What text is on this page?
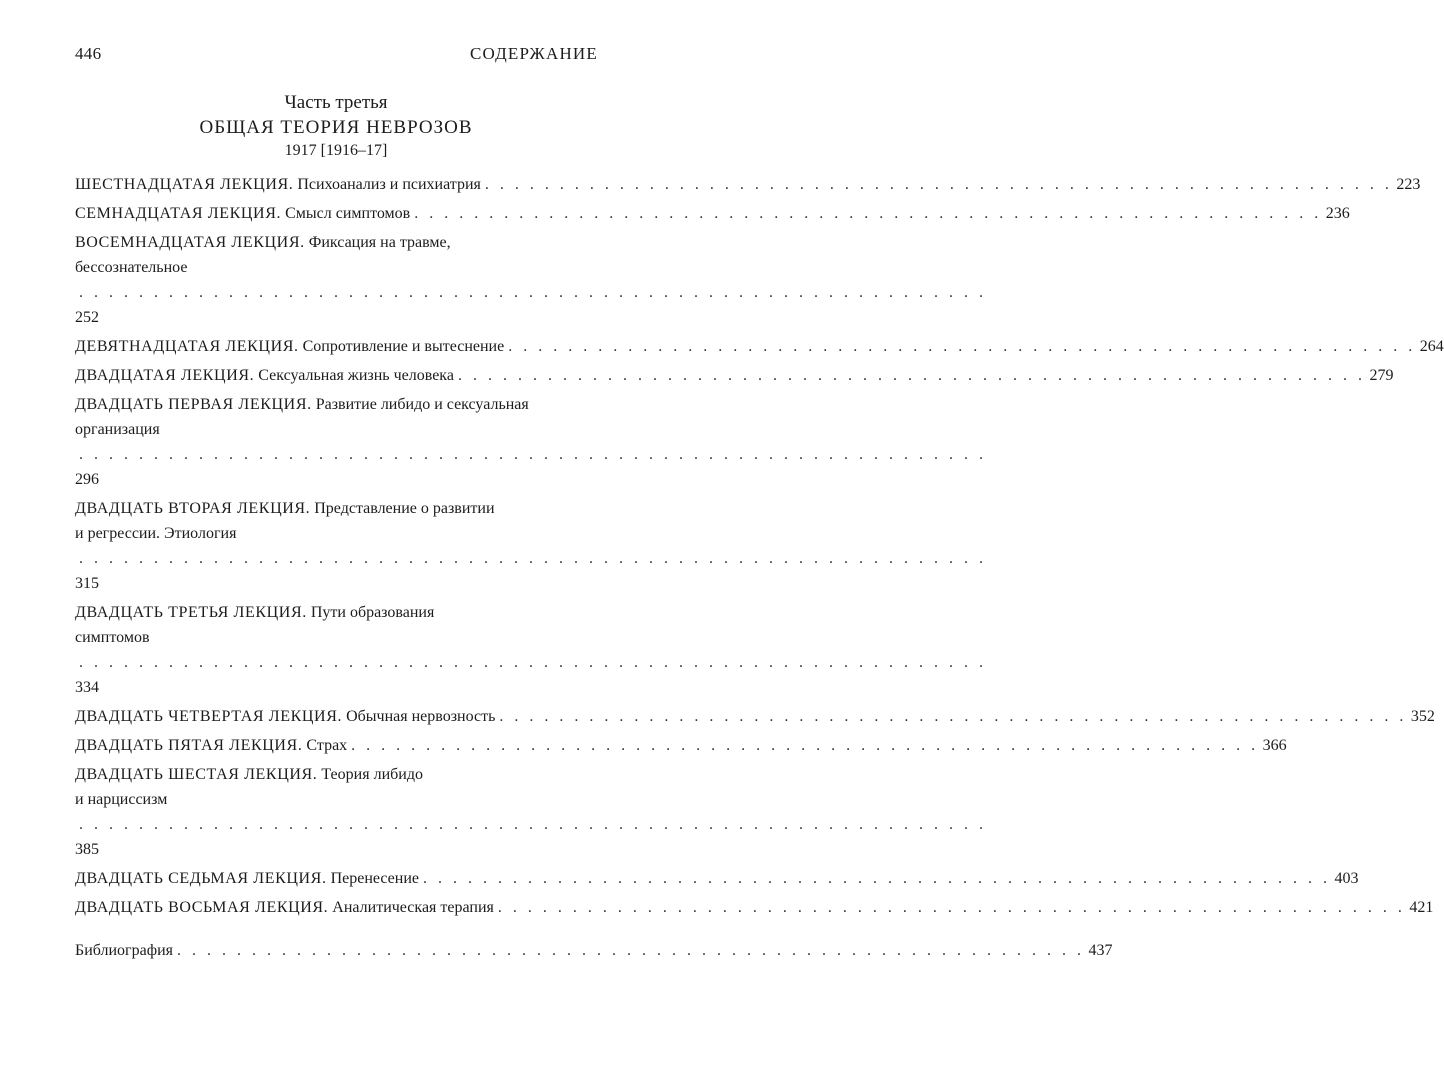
446	СОДЕРЖАНИЕ
Часть третья
ОБЩАЯ ТЕОРИЯ НЕВРОЗОВ
1917 [1916–17]
ШЕСТНАДЦАТАЯ ЛЕКЦИЯ. Психоанализ и психиатрия . . . . . . . . . . . . . . . . . . . . . . . . . . . . . . . . . . . . . . . . . . . . . . . . . . . . . . . . . . . . . 223
СЕМНАДЦАТАЯ ЛЕКЦИЯ. Смысл симптомов . . . . . . . . . . . . . . . . . . . . . . . . . . . . . . . . . . . . . . . . . . . . . . . . . . . . . . . . . . . . . 236
ВОСЕМНАДЦАТАЯ ЛЕКЦИЯ. Фиксация на травме,
бессознательное
. . . . . . . . . . . . . . . . . . . . . . . . . . . . . . . . . . . . . . . . . . . . . . . . . . . . . . . . . . . . .
252
ДЕВЯТНАДЦАТАЯ ЛЕКЦИЯ. Сопротивление и вытеснение . . . . . . . . . . . . . . . . . . . . . . . . . . . . . . . . . . . . . . . . . . . . . . . . . . . . . . . . . . . . . 264
ДВАДЦАТАЯ ЛЕКЦИЯ. Сексуальная жизнь человека . . . . . . . . . . . . . . . . . . . . . . . . . . . . . . . . . . . . . . . . . . . . . . . . . . . . . . . . . . . . . 279
ДВАДЦАТЬ ПЕРВАЯ ЛЕКЦИЯ. Развитие либидо и сексуальная
организация
. . . . . . . . . . . . . . . . . . . . . . . . . . . . . . . . . . . . . . . . . . . . . . . . . . . . . . . . . . . . .
296
ДВАДЦАТЬ ВТОРАЯ ЛЕКЦИЯ. Представление о развитии
и регрессии. Этиология
. . . . . . . . . . . . . . . . . . . . . . . . . . . . . . . . . . . . . . . . . . . . . . . . . . . . . . . . . . . . .
315
ДВАДЦАТЬ ТРЕТЬЯ ЛЕКЦИЯ. Пути образования
симптомов
. . . . . . . . . . . . . . . . . . . . . . . . . . . . . . . . . . . . . . . . . . . . . . . . . . . . . . . . . . . . .
334
ДВАДЦАТЬ ЧЕТВЕРТАЯ ЛЕКЦИЯ. Обычная нервозность . . . . . . . . . . . . . . . . . . . . . . . . . . . . . . . . . . . . . . . . . . . . . . . . . . . . . . . . . . . . . 352
ДВАДЦАТЬ ПЯТАЯ ЛЕКЦИЯ. Страх . . . . . . . . . . . . . . . . . . . . . . . . . . . . . . . . . . . . . . . . . . . . . . . . . . . . . . . . . . . . . 366
ДВАДЦАТЬ ШЕСТАЯ ЛЕКЦИЯ. Теория либидо
и нарциссизм
. . . . . . . . . . . . . . . . . . . . . . . . . . . . . . . . . . . . . . . . . . . . . . . . . . . . . . . . . . . . .
385
ДВАДЦАТЬ СЕДЬМАЯ ЛЕКЦИЯ. Перенесение . . . . . . . . . . . . . . . . . . . . . . . . . . . . . . . . . . . . . . . . . . . . . . . . . . . . . . . . . . . . . 403
ДВАДЦАТЬ ВОСЬМАЯ ЛЕКЦИЯ. Аналитическая терапия . . . . . . . . . . . . . . . . . . . . . . . . . . . . . . . . . . . . . . . . . . . . . . . . . . . . . . . . . . . . . 421
Библиография . . . . . . . . . . . . . . . . . . . . . . . . . . . . . . . . . . . . . . . . . . . . . . . . . . . . . . . . . . . . . 437
